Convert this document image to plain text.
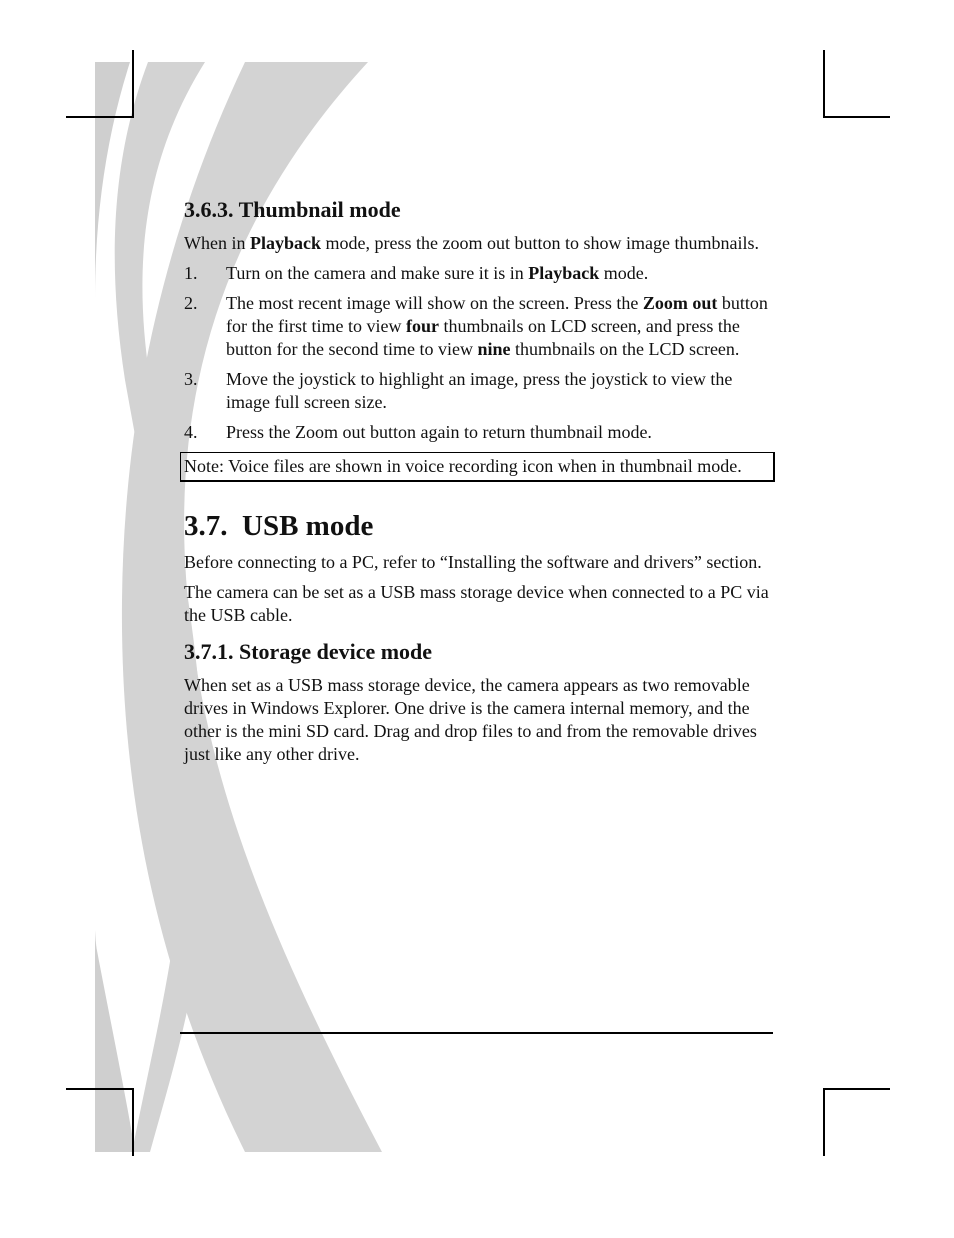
3.6.3. Thumbnail mode

When in Playback mode, press the zoom out button to show image thumbnails.

1. Turn on the camera and make sure it is in Playback mode.
2. The most recent image will show on the screen. Press the Zoom out button for the first time to view four thumbnails on LCD screen, and press the button for the second time to view nine thumbnails on the LCD screen.
3. Move the joystick to highlight an image, press the joystick to view the image full screen size.
4. Press the Zoom out button again to return thumbnail mode.
Note: Voice files are shown in voice recording icon when in thumbnail mode.
3.7.  USB mode

Before connecting to a PC, refer to “Installing the software and drivers” section.

The camera can be set as a USB mass storage device when connected to a PC via the USB cable.

3.7.1. Storage device mode

When set as a USB mass storage device, the camera appears as two removable drives in Windows Explorer. One drive is the camera internal memory, and the other is the mini SD card. Drag and drop files to and from the removable drives just like any other drive.
